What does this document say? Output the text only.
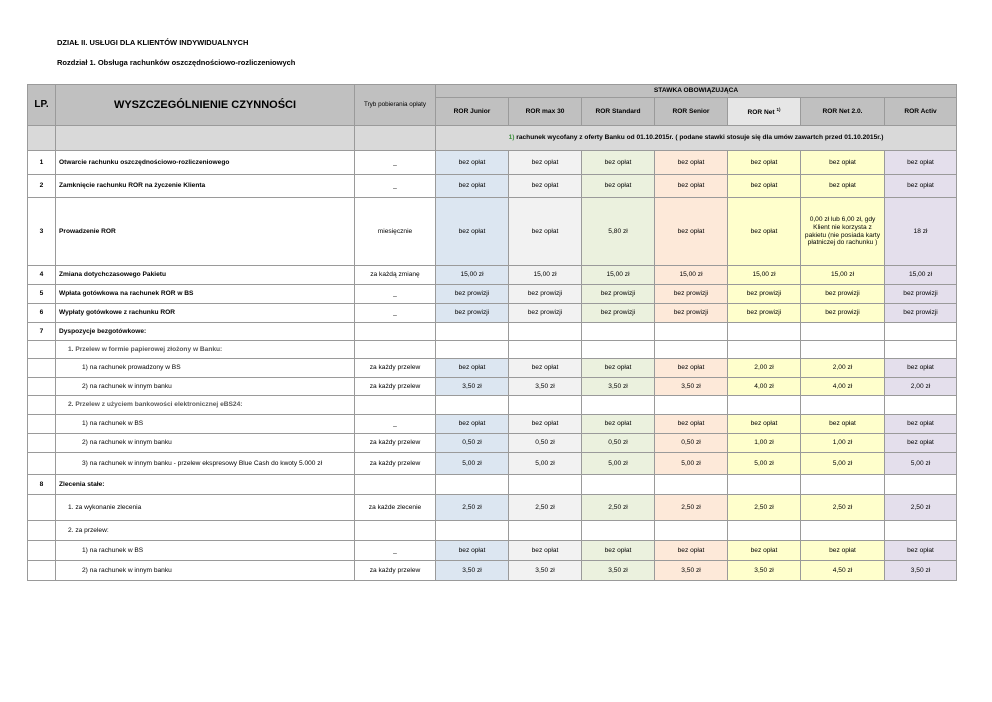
DZIAŁ II. USŁUGI DLA KLIENTÓW INDYWIDUALNYCH
Rozdział 1. Obsługa rachunków oszczędnościowo-rozliczeniowych
LP.	WYSZCZEGÓLNIENIE CZYNNOŚCI	Tryb pobierania opłaty	STAWKA OBOWIĄZUJĄCA						
			ROR Junior	ROR max 30	ROR Standard	ROR Senior	ROR Net $^{1)}$	ROR Net 2.0.	ROR Activ
			1) rachunek wycofany z oferty Banku od 01.10.2015r. ( podane stawki stosuje się dla umów zawartch przed 01.10.2015r.)						
1	Otwarcie rachunku oszczędnościowo-rozliczeniowego	_	bez opłat	bez opłat	bez opłat	bez opłat	bez opłat	bez opłat	bez opłat
2	Zamknięcie rachunku ROR na życzenie Klienta	_	bez opłat	bez opłat	bez opłat	bez opłat	bez opłat	bez opłat	bez opłat
3	Prowadzenie ROR	miesięcznie	bez opłat	bez opłat	5,80 zł	bez opłat	bez opłat	0,00 zł lub 6,00 zł, gdy Klient nie korzysta z pakietu (nie posiada karty płatniczej do rachunku )	18 zł
4	Zmiana dotychczasowego Pakietu	za każdą zmianę	15,00 zł	15,00 zł	15,00 zł	15,00 zł	15,00 zł	15,00 zł	15,00 zł
5	Wpłata gotówkowa na rachunek ROR w BS	_	bez prowizji	bez prowizji	bez prowizji	bez prowizji	bez prowizji	bez prowizji	bez prowizji
6	Wypłaty gotówkowe z rachunku ROR	_	bez prowizji	bez prowizji	bez prowizji	bez prowizji	bez prowizji	bez prowizji	bez prowizji
7	Dyspozycje bezgotówkowe:								
	1. Przelew w formie papierowej złożony w Banku:								
	1) na rachunek prowadzony w BS	za każdy przelew	bez opłat	bez opłat	bez opłat	bez opłat	2,00 zł	2,00 zł	bez opłat
	2) na rachunek w innym banku	za każdy przelew	3,50 zł	3,50 zł	3,50 zł	3,50 zł	4,00 zł	4,00 zł	2,00 zł
	2. Przelew z użyciem bankowości elektronicznej eBS24:								
	1) na rachunek w BS	_	bez opłat	bez opłat	bez opłat	bez opłat	bez opłat	bez opłat	bez opłat
	2) na rachunek w innym banku	za każdy przelew	0,50 zł	0,50 zł	0,50 zł	0,50 zł	1,00 zł	1,00 zł	bez opłat
	3) na rachunek w innym banku - przelew ekspresowy Blue Cash do kwoty 5.000 zł	za każdy przelew	5,00 zł	5,00 zł	5,00 zł	5,00 zł	5,00 zł	5,00 zł	5,00 zł
8	Zlecenia stałe:								
	1. za wykonanie zlecenia	za każde zlecenie	2,50 zł	2,50 zł	2,50 zł	2,50 zł	2,50 zł	2,50 zł	2,50 zł
	2. za przelew:								
	1) na rachunek w BS	_	bez opłat	bez opłat	bez opłat	bez opłat	bez opłat	bez opłat	bez opłat
	2) na rachunek w innym banku	za każdy przelew	3,50 zł	3,50 zł	3,50 zł	3,50 zł	3,50 zł	4,50 zł	3,50 zł
